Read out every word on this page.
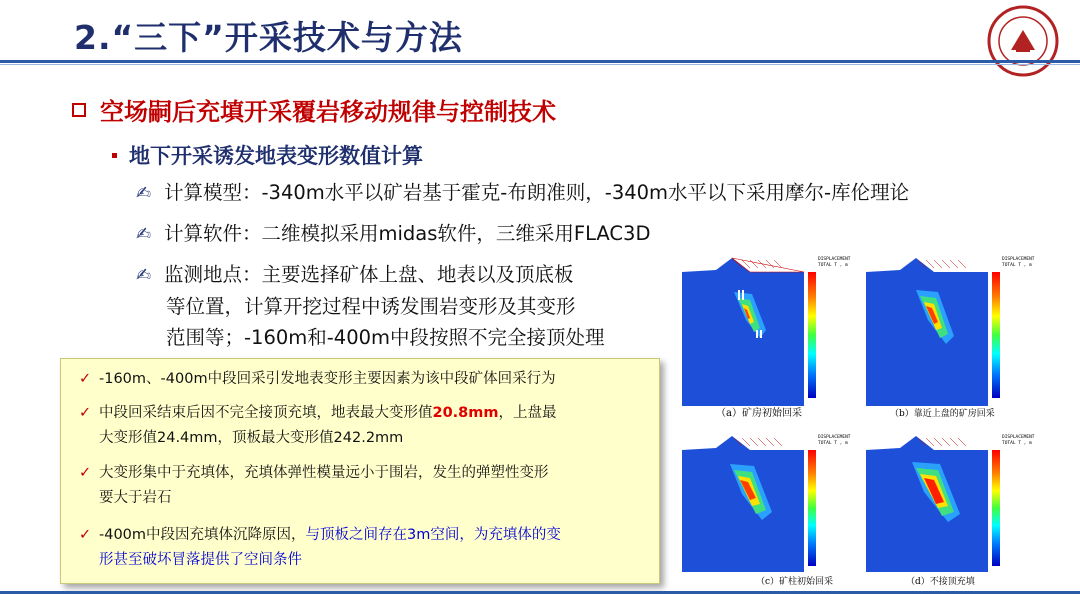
2.“三下”开采技术与方法
空场嗣后充填开采覆岩移动规律与控制技术
地下开采诱发地表变形数值计算
✍ 计算模型：-340m水平以矿岩基于霍克-布朗准则，-340m水平以下采用摩尔-库伦理论
✍ 计算软件：二维模拟采用midas软件，三维采用FLAC3D
✍ 监测地点：主要选择矿体上盘、地表以及顶底板
等位置，计算开挖过程中诱发围岩变形及其变形
范围等；-160m和-400m中段按照不完全接顶处理
✓ -160m、-400m中段回采引发地表变形主要因素为该中段矿体回采行为
✓ 中段回采结束后因不完全接顶充填，地表最大变形值20.8mm，上盘最
大变形值24.4mm，顶板最大变形值242.2mm
✓ 大变形集中于充填体，充填体弹性模量远小于围岩，发生的弹塑性变形
要大于岩石
✓ -400m中段因充填体沉降原因，与顶板之间存在3m空间，为充填体的变
形甚至破坏冒落提供了空间条件
DISPLACEMENT
TOTAL T , m
（a）矿房初始回采
DISPLACEMENT
TOTAL T , m
（b）靠近上盘的矿房回采
DISPLACEMENT
TOTAL T , m
（c）矿柱初始回采
DISPLACEMENT
TOTAL T , m
（d）不接顶充填
